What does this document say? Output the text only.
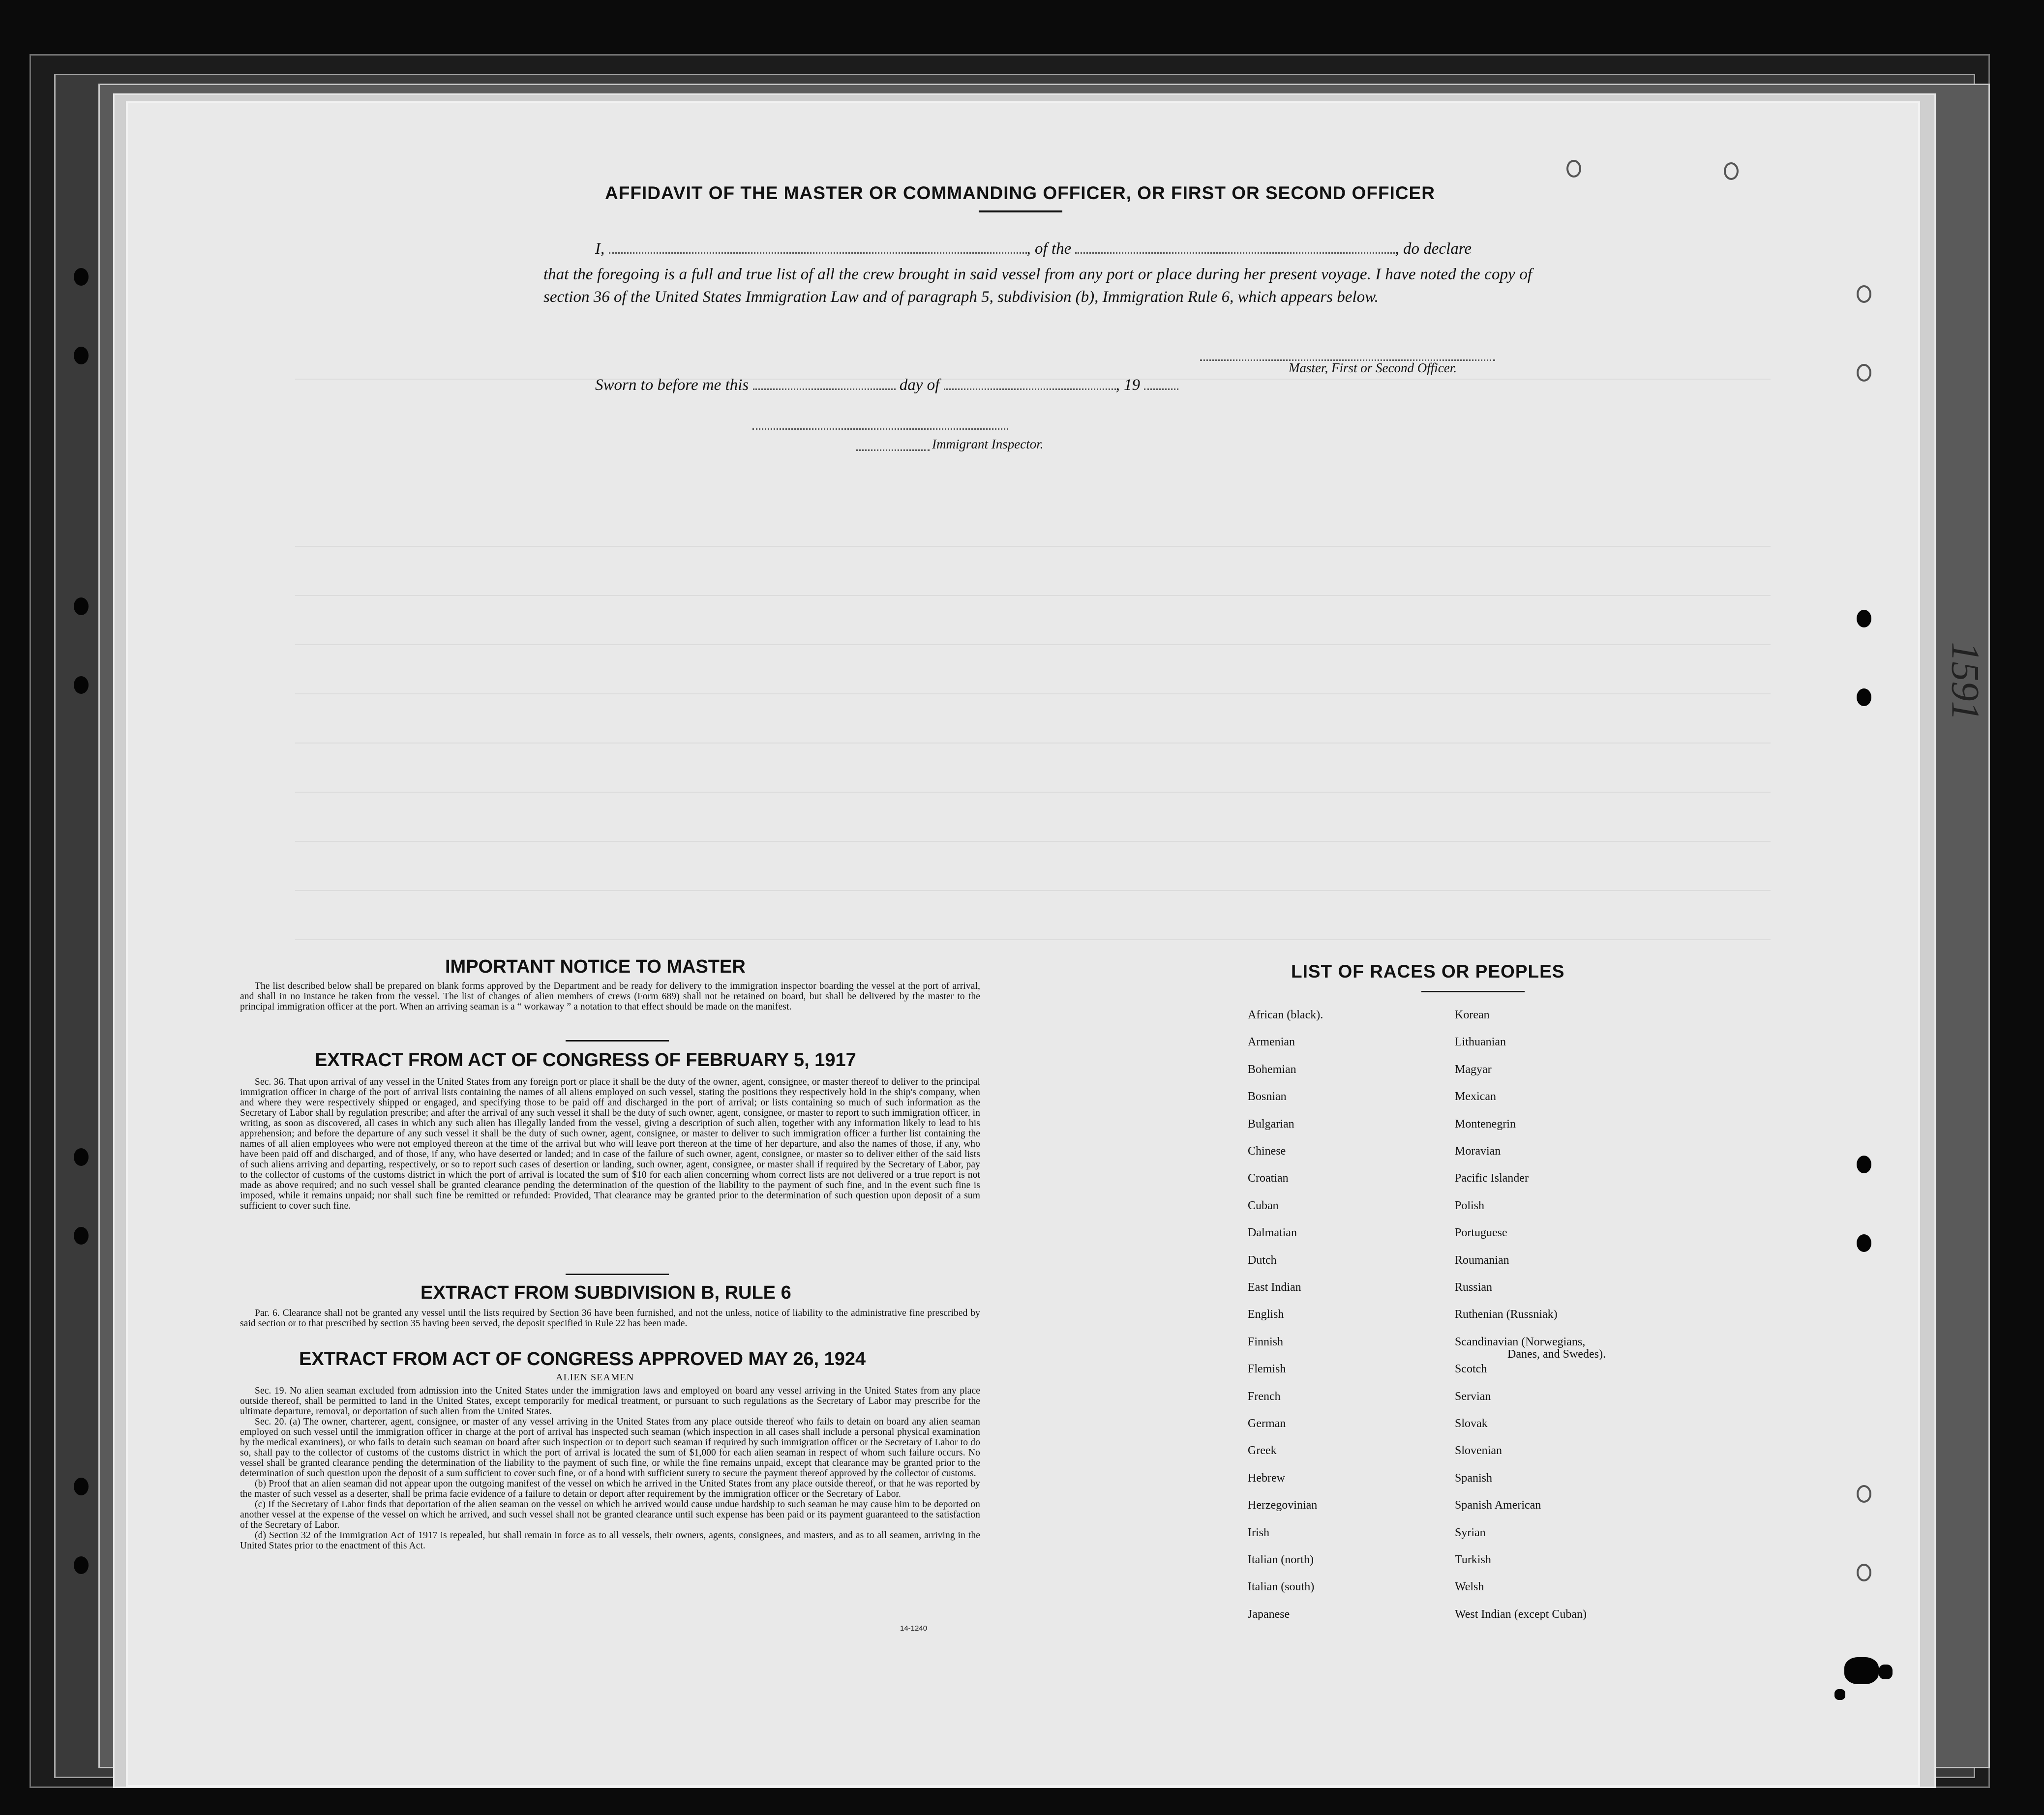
1591
AFFIDAVIT OF THE MASTER OR COMMANDING OFFICER, OR FIRST OR SECOND OFFICER
I,	, of the	, do declare
that the foregoing is a full and true list of all the crew brought in said vessel from any port or place during her present voyage. I have noted the copy of section 36 of the United States Immigration Law and of paragraph 5, subdivision (b), Immigration Rule 6, which appears below.
Master, First or Second Officer.
Sworn to before me this	day of	, 19
Immigrant Inspector.
IMPORTANT NOTICE TO MASTER

The list described below shall be prepared on blank forms approved by the Department and be ready for delivery to the immigration inspector boarding the vessel at the port of arrival, and shall in no instance be taken from the vessel. The list of changes of alien members of crews (Form 689) shall not be retained on board, but shall be delivered by the master to the principal immigration officer at the port. When an arriving seaman is a “ workaway ” a notation to that effect should be made on the manifest.

EXTRACT FROM ACT OF CONGRESS OF FEBRUARY 5, 1917

Sec. 36. That upon arrival of any vessel in the United States from any foreign port or place it shall be the duty of the owner, agent, consignee, or master thereof to deliver to the principal immigration officer in charge of the port of arrival lists containing the names of all aliens employed on such vessel, stating the positions they respectively hold in the ship's company, when and where they were respectively shipped or engaged, and specifying those to be paid off and discharged in the port of arrival; or lists containing so much of such information as the Secretary of Labor shall by regulation prescribe; and after the arrival of any such vessel it shall be the duty of such owner, agent, consignee, or master to report to such immigration officer, in writing, as soon as discovered, all cases in which any such alien has illegally landed from the vessel, giving a description of such alien, together with any information likely to lead to his apprehension; and before the departure of any such vessel it shall be the duty of such owner, agent, consignee, or master to deliver to such immigration officer a further list containing the names of all alien employees who were not employed thereon at the time of the arrival but who will leave port thereon at the time of her departure, and also the names of those, if any, who have been paid off and discharged, and of those, if any, who have deserted or landed; and in case of the failure of such owner, agent, consignee, or master so to deliver either of the said lists of such aliens arriving and departing, respectively, or so to report such cases of desertion or landing, such owner, agent, consignee, or master shall if required by the Secretary of Labor, pay to the collector of customs of the customs district in which the port of arrival is located the sum of $10 for each alien concerning whom correct lists are not delivered or a true report is not made as above required; and no such vessel shall be granted clearance pending the determination of the question of the liability to the payment of such fine, and in the event such fine is imposed, while it remains unpaid; nor shall such fine be remitted or refunded: Provided, That clearance may be granted prior to the determination of such question upon deposit of a sum sufficient to cover such fine.

EXTRACT FROM SUBDIVISION B, RULE 6

Par. 6. Clearance shall not be granted any vessel until the lists required by Section 36 have been furnished, and not the unless, notice of liability to the administrative fine prescribed by said section or to that prescribed by section 35 having been served, the deposit specified in Rule 22 has been made.

EXTRACT FROM ACT OF CONGRESS APPROVED MAY 26, 1924
ALIEN SEAMEN

Sec. 19. No alien seaman excluded from admission into the United States under the immigration laws and employed on board any vessel arriving in the United States from any place outside thereof, shall be permitted to land in the United States, except temporarily for medical treatment, or pursuant to such regulations as the Secretary of Labor may prescribe for the ultimate departure, removal, or deportation of such alien from the United States.

Sec. 20. (a) The owner, charterer, agent, consignee, or master of any vessel arriving in the United States from any place outside thereof who fails to detain on board any alien seaman employed on such vessel until the immigration officer in charge at the port of arrival has inspected such seaman (which inspection in all cases shall include a personal physical examination by the medical examiners), or who fails to detain such seaman on board after such inspection or to deport such seaman if required by such immigration officer or the Secretary of Labor to do so, shall pay to the collector of customs of the customs district in which the port of arrival is located the sum of $1,000 for each alien seaman in respect of whom such failure occurs. No vessel shall be granted clearance pending the determination of the liability to the payment of such fine, or while the fine remains unpaid, except that clearance may be granted prior to the determination of such question upon the deposit of a sum sufficient to cover such fine, or of a bond with sufficient surety to secure the payment thereof approved by the collector of customs.

(b) Proof that an alien seaman did not appear upon the outgoing manifest of the vessel on which he arrived in the United States from any place outside thereof, or that he was reported by the master of such vessel as a deserter, shall be prima facie evidence of a failure to detain or deport after requirement by the immigration officer or the Secretary of Labor.

(c) If the Secretary of Labor finds that deportation of the alien seaman on the vessel on which he arrived would cause undue hardship to such seaman he may cause him to be deported on another vessel at the expense of the vessel on which he arrived, and such vessel shall not be granted clearance until such expense has been paid or its payment guaranteed to the satisfaction of the Secretary of Labor.

(d) Section 32 of the Immigration Act of 1917 is repealed, but shall remain in force as to all vessels, their owners, agents, consignees, and masters, and as to all seamen, arriving in the United States prior to the enactment of this Act.

14-1240
LIST OF RACES OR PEOPLES
African (black).
Armenian
Bohemian
Bosnian
Bulgarian
Chinese
Croatian
Cuban
Dalmatian
Dutch
East Indian
English
Finnish
Flemish
French
German
Greek
Hebrew
Herzegovinian
Irish
Italian (north)
Italian (south)
Japanese
Korean
Lithuanian
Magyar
Mexican
Montenegrin
Moravian
Pacific Islander
Polish
Portuguese
Roumanian
Russian
Ruthenian (Russniak)
Scandinavian (Norwegians,
Scotch
Servian
Slovak
Slovenian
Spanish
Spanish American
Syrian
Turkish
Welsh
West Indian (except Cuban)
Danes, and Swedes).
